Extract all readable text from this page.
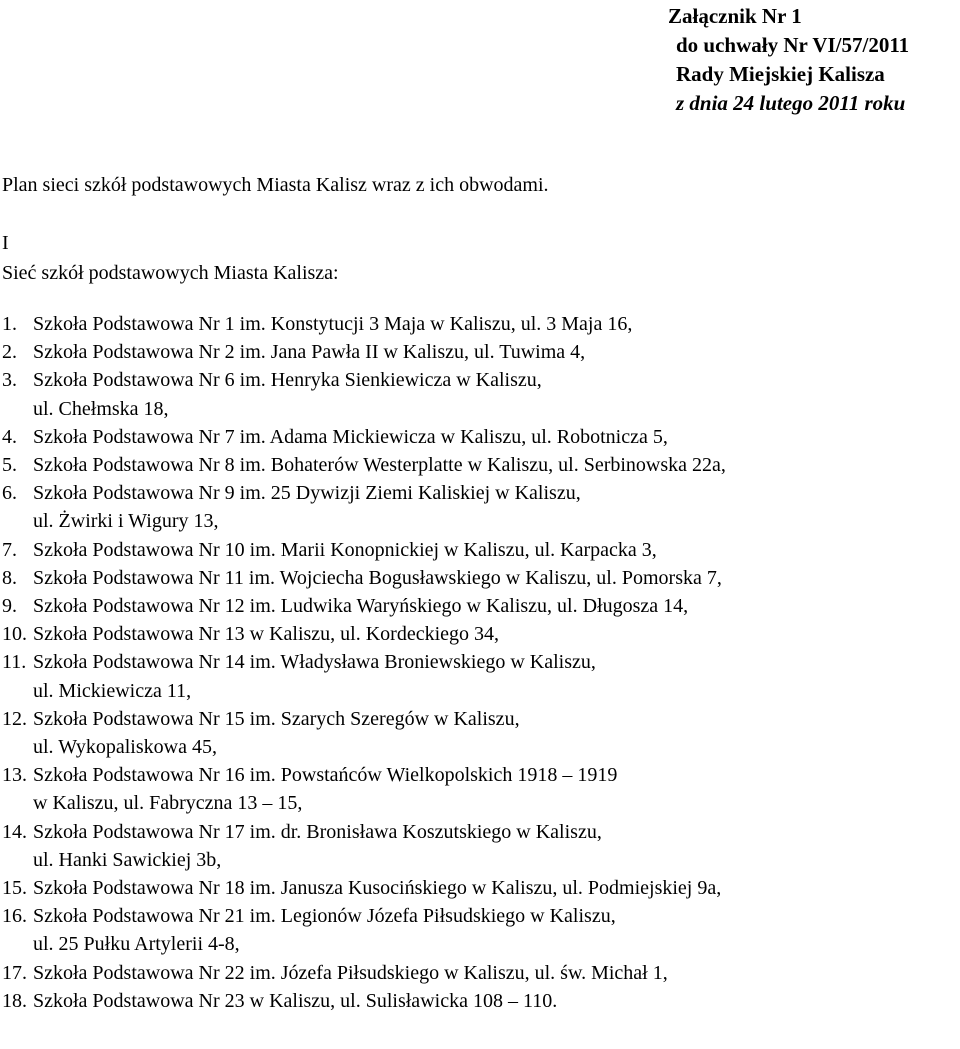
Załącznik Nr 1
do uchwały Nr VI/57/2011
Rady Miejskiej Kalisza
z dnia 24 lutego 2011 roku

Plan sieci szkół podstawowych Miasta Kalisz wraz z ich obwodami.

I
Sieć szkół podstawowych Miasta Kalisza:
1. Szkoła Podstawowa Nr 1 im. Konstytucji 3 Maja w Kaliszu, ul. 3 Maja 16,
2. Szkoła Podstawowa Nr 2 im. Jana Pawła II w Kaliszu, ul. Tuwima 4,
3. Szkoła Podstawowa Nr 6 im. Henryka Sienkiewicza w Kaliszu,
ul. Chełmska 18,
4. Szkoła Podstawowa Nr 7 im. Adama Mickiewicza w Kaliszu, ul. Robotnicza 5,
5. Szkoła Podstawowa Nr 8 im. Bohaterów Westerplatte w Kaliszu, ul. Serbinowska 22a,
6. Szkoła Podstawowa Nr 9 im. 25 Dywizji Ziemi Kaliskiej w Kaliszu,
ul. Żwirki i Wigury 13,
7. Szkoła Podstawowa Nr 10 im. Marii Konopnickiej w Kaliszu, ul. Karpacka 3,
8. Szkoła Podstawowa Nr 11 im. Wojciecha Bogusławskiego w Kaliszu, ul. Pomorska 7,
9. Szkoła Podstawowa Nr 12 im. Ludwika Waryńskiego w Kaliszu, ul. Długosza 14,
10. Szkoła Podstawowa Nr 13 w Kaliszu, ul. Kordeckiego 34,
11. Szkoła Podstawowa Nr 14 im. Władysława Broniewskiego w Kaliszu,
ul. Mickiewicza 11,
12. Szkoła Podstawowa Nr 15 im. Szarych Szeregów w Kaliszu,
ul. Wykopaliskowa 45,
13. Szkoła Podstawowa Nr 16 im. Powstańców Wielkopolskich 1918 – 1919
w Kaliszu, ul. Fabryczna 13 – 15,
14. Szkoła Podstawowa Nr 17 im. dr. Bronisława Koszutskiego w Kaliszu,
ul. Hanki Sawickiej 3b,
15. Szkoła Podstawowa Nr 18 im. Janusza Kusocińskiego w Kaliszu, ul. Podmiejskiej 9a,
16. Szkoła Podstawowa Nr 21 im. Legionów Józefa Piłsudskiego w Kaliszu,
ul. 25 Pułku Artylerii 4-8,
17. Szkoła Podstawowa Nr 22 im. Józefa Piłsudskiego w Kaliszu, ul. św. Michał 1,
18. Szkoła Podstawowa Nr 23 w Kaliszu, ul. Sulisławicka 108 – 110.
